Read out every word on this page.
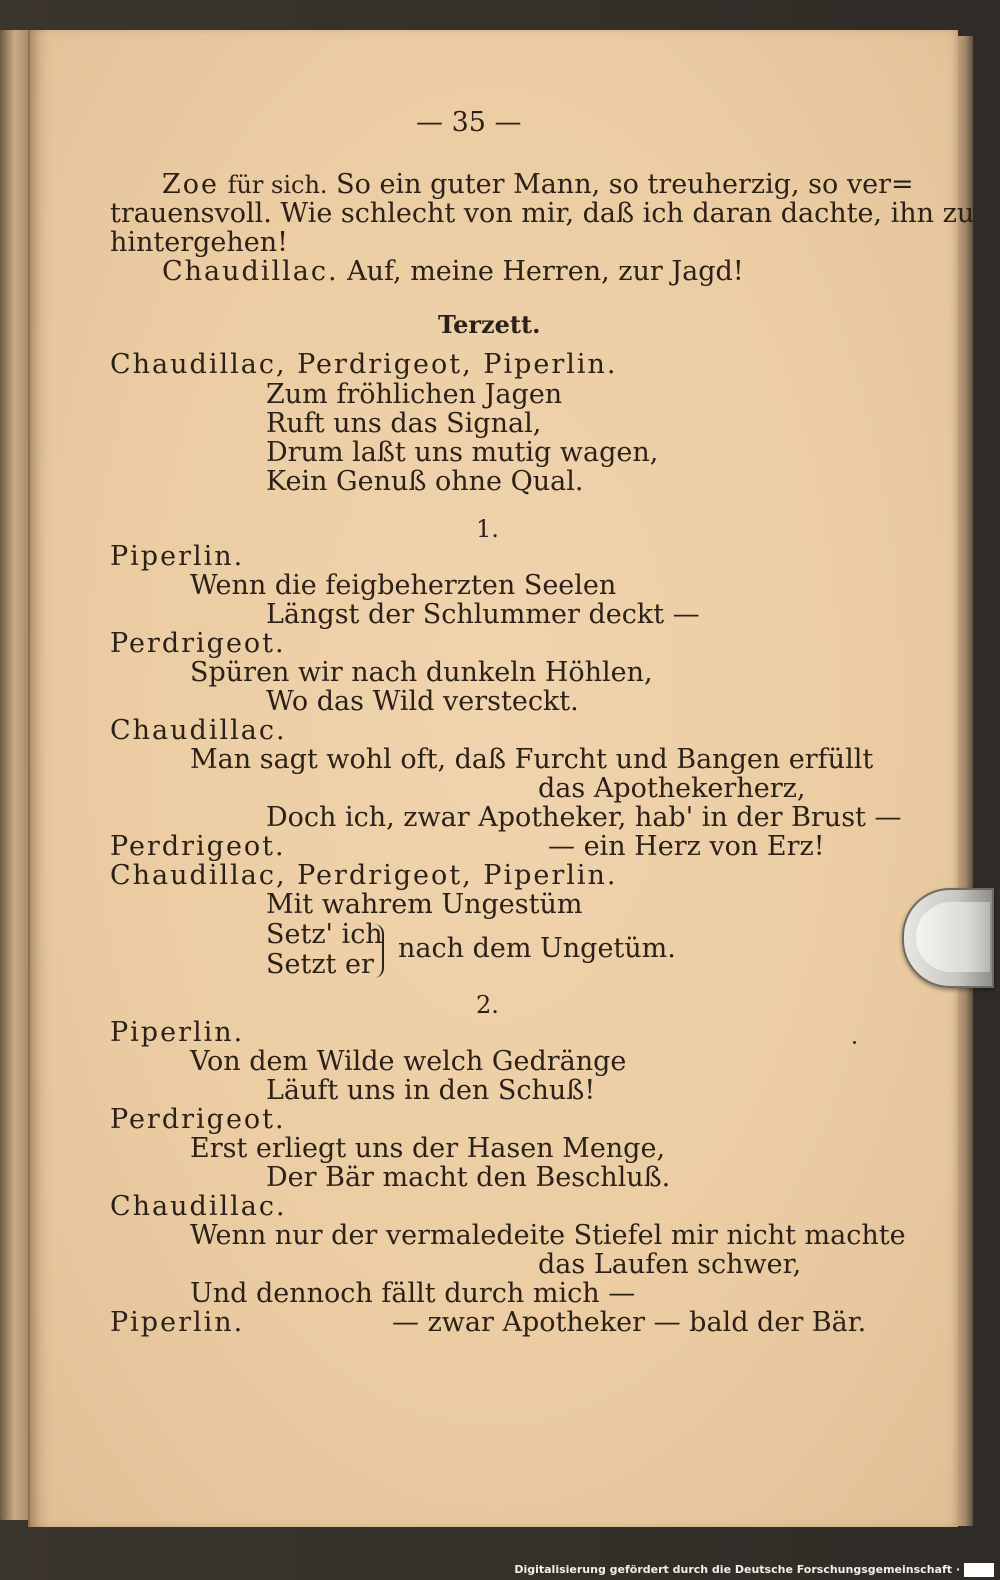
— 35 —
Zoe für sich. So ein guter Mann, so treuherzig, so ver=
trauensvoll. Wie schlecht von mir, daß ich daran dachte, ihn zu
hintergehen!
Chaudillac. Auf, meine Herren, zur Jagd!
Terzett.
Chaudillac, Perdrigeot, Piperlin.
Zum fröhlichen Jagen
Ruft uns das Signal,
Drum laßt uns mutig wagen,
Kein Genuß ohne Qual.
1.
Piperlin.
Wenn die feigbeherzten Seelen
Längst der Schlummer deckt —
Perdrigeot.
Spüren wir nach dunkeln Höhlen,
Wo das Wild versteckt.
Chaudillac.
Man sagt wohl oft, daß Furcht und Bangen erfüllt
das Apothekerherz,
Doch ich, zwar Apotheker, hab' in der Brust —
Perdrigeot.	— ein Herz von Erz!
Chaudillac, Perdrigeot, Piperlin.
Mit wahrem Ungestüm
Setz' ich
Setzt er
nach dem Ungetüm.
2.
Piperlin.
Von dem Wilde welch Gedränge
Läuft uns in den Schuß!
Perdrigeot.
Erst erliegt uns der Hasen Menge,
Der Bär macht den Beschluß.
Chaudillac.
Wenn nur der vermaledeite Stiefel mir nicht machte
das Laufen schwer,
Und dennoch fällt durch mich —
Piperlin.	— zwar Apotheker — bald der Bär.
Digitalisierung gefördert durch die Deutsche Forschungsgemeinschaft ·
